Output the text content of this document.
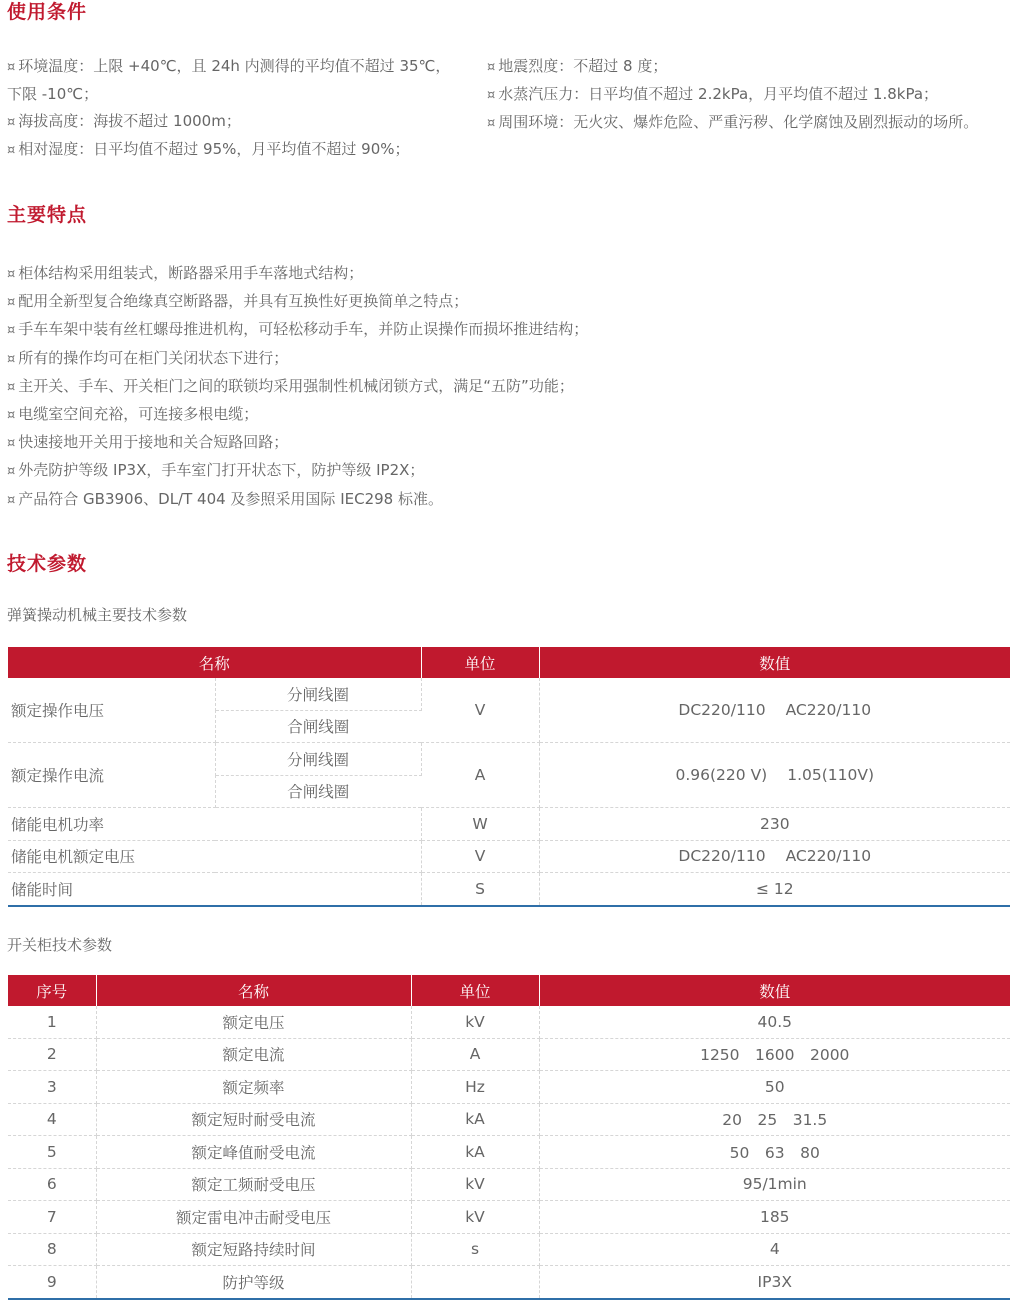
使用条件
¤ 环境温度：上限 +40℃，且 24h 内测得的平均值不超过 35℃，
下限 -10℃；
¤ 海拔高度：海拔不超过 1000m；
¤ 相对湿度：日平均值不超过 95%，月平均值不超过 90%；
¤ 地震烈度：不超过 8 度；
¤ 水蒸汽压力：日平均值不超过 2.2kPa，月平均值不超过 1.8kPa；
¤ 周围环境：无火灾、爆炸危险、严重污秽、化学腐蚀及剧烈振动的场所。
主要特点
¤ 柜体结构采用组装式，断路器采用手车落地式结构；
¤ 配用全新型复合绝缘真空断路器，并具有互换性好更换简单之特点；
¤ 手车车架中装有丝杠螺母推进机构，可轻松移动手车，并防止误操作而损坏推进结构；
¤ 所有的操作均可在柜门关闭状态下进行；
¤ 主开关、手车、开关柜门之间的联锁均采用强制性机械闭锁方式，满足“五防”功能；
¤ 电缆室空间充裕，可连接多根电缆；
¤ 快速接地开关用于接地和关合短路回路；
¤ 外壳防护等级 IP3X，手车室门打开状态下，防护等级 IP2X；
¤ 产品符合 GB3906、DL/T 404 及参照采用国际 IEC298 标准。
技术参数
弹簧操动机械主要技术参数
名称		单位	数值
额定操作电压	分闸线圈	V	DC220/110 AC220/110
	合闸线圈		
额定操作电流	分闸线圈	A	0.96(220 V) 1.05(110V)
	合闸线圈		
储能电机功率		W	230
储能电机额定电压		V	DC220/110 AC220/110
储能时间		S	≤ 12
开关柜技术参数
序号	名称	单位	数值
1	额定电压	kV	40.5
2	额定电流	A	1250　1600　2000
3	额定频率	Hz	50
4	额定短时耐受电流	kA	20　25　31.5
5	额定峰值耐受电流	kA	50　63　80
6	额定工频耐受电压	kV	95/1min
7	额定雷电冲击耐受电压	kV	185
8	额定短路持续时间	s	4
9	防护等级		IP3X
